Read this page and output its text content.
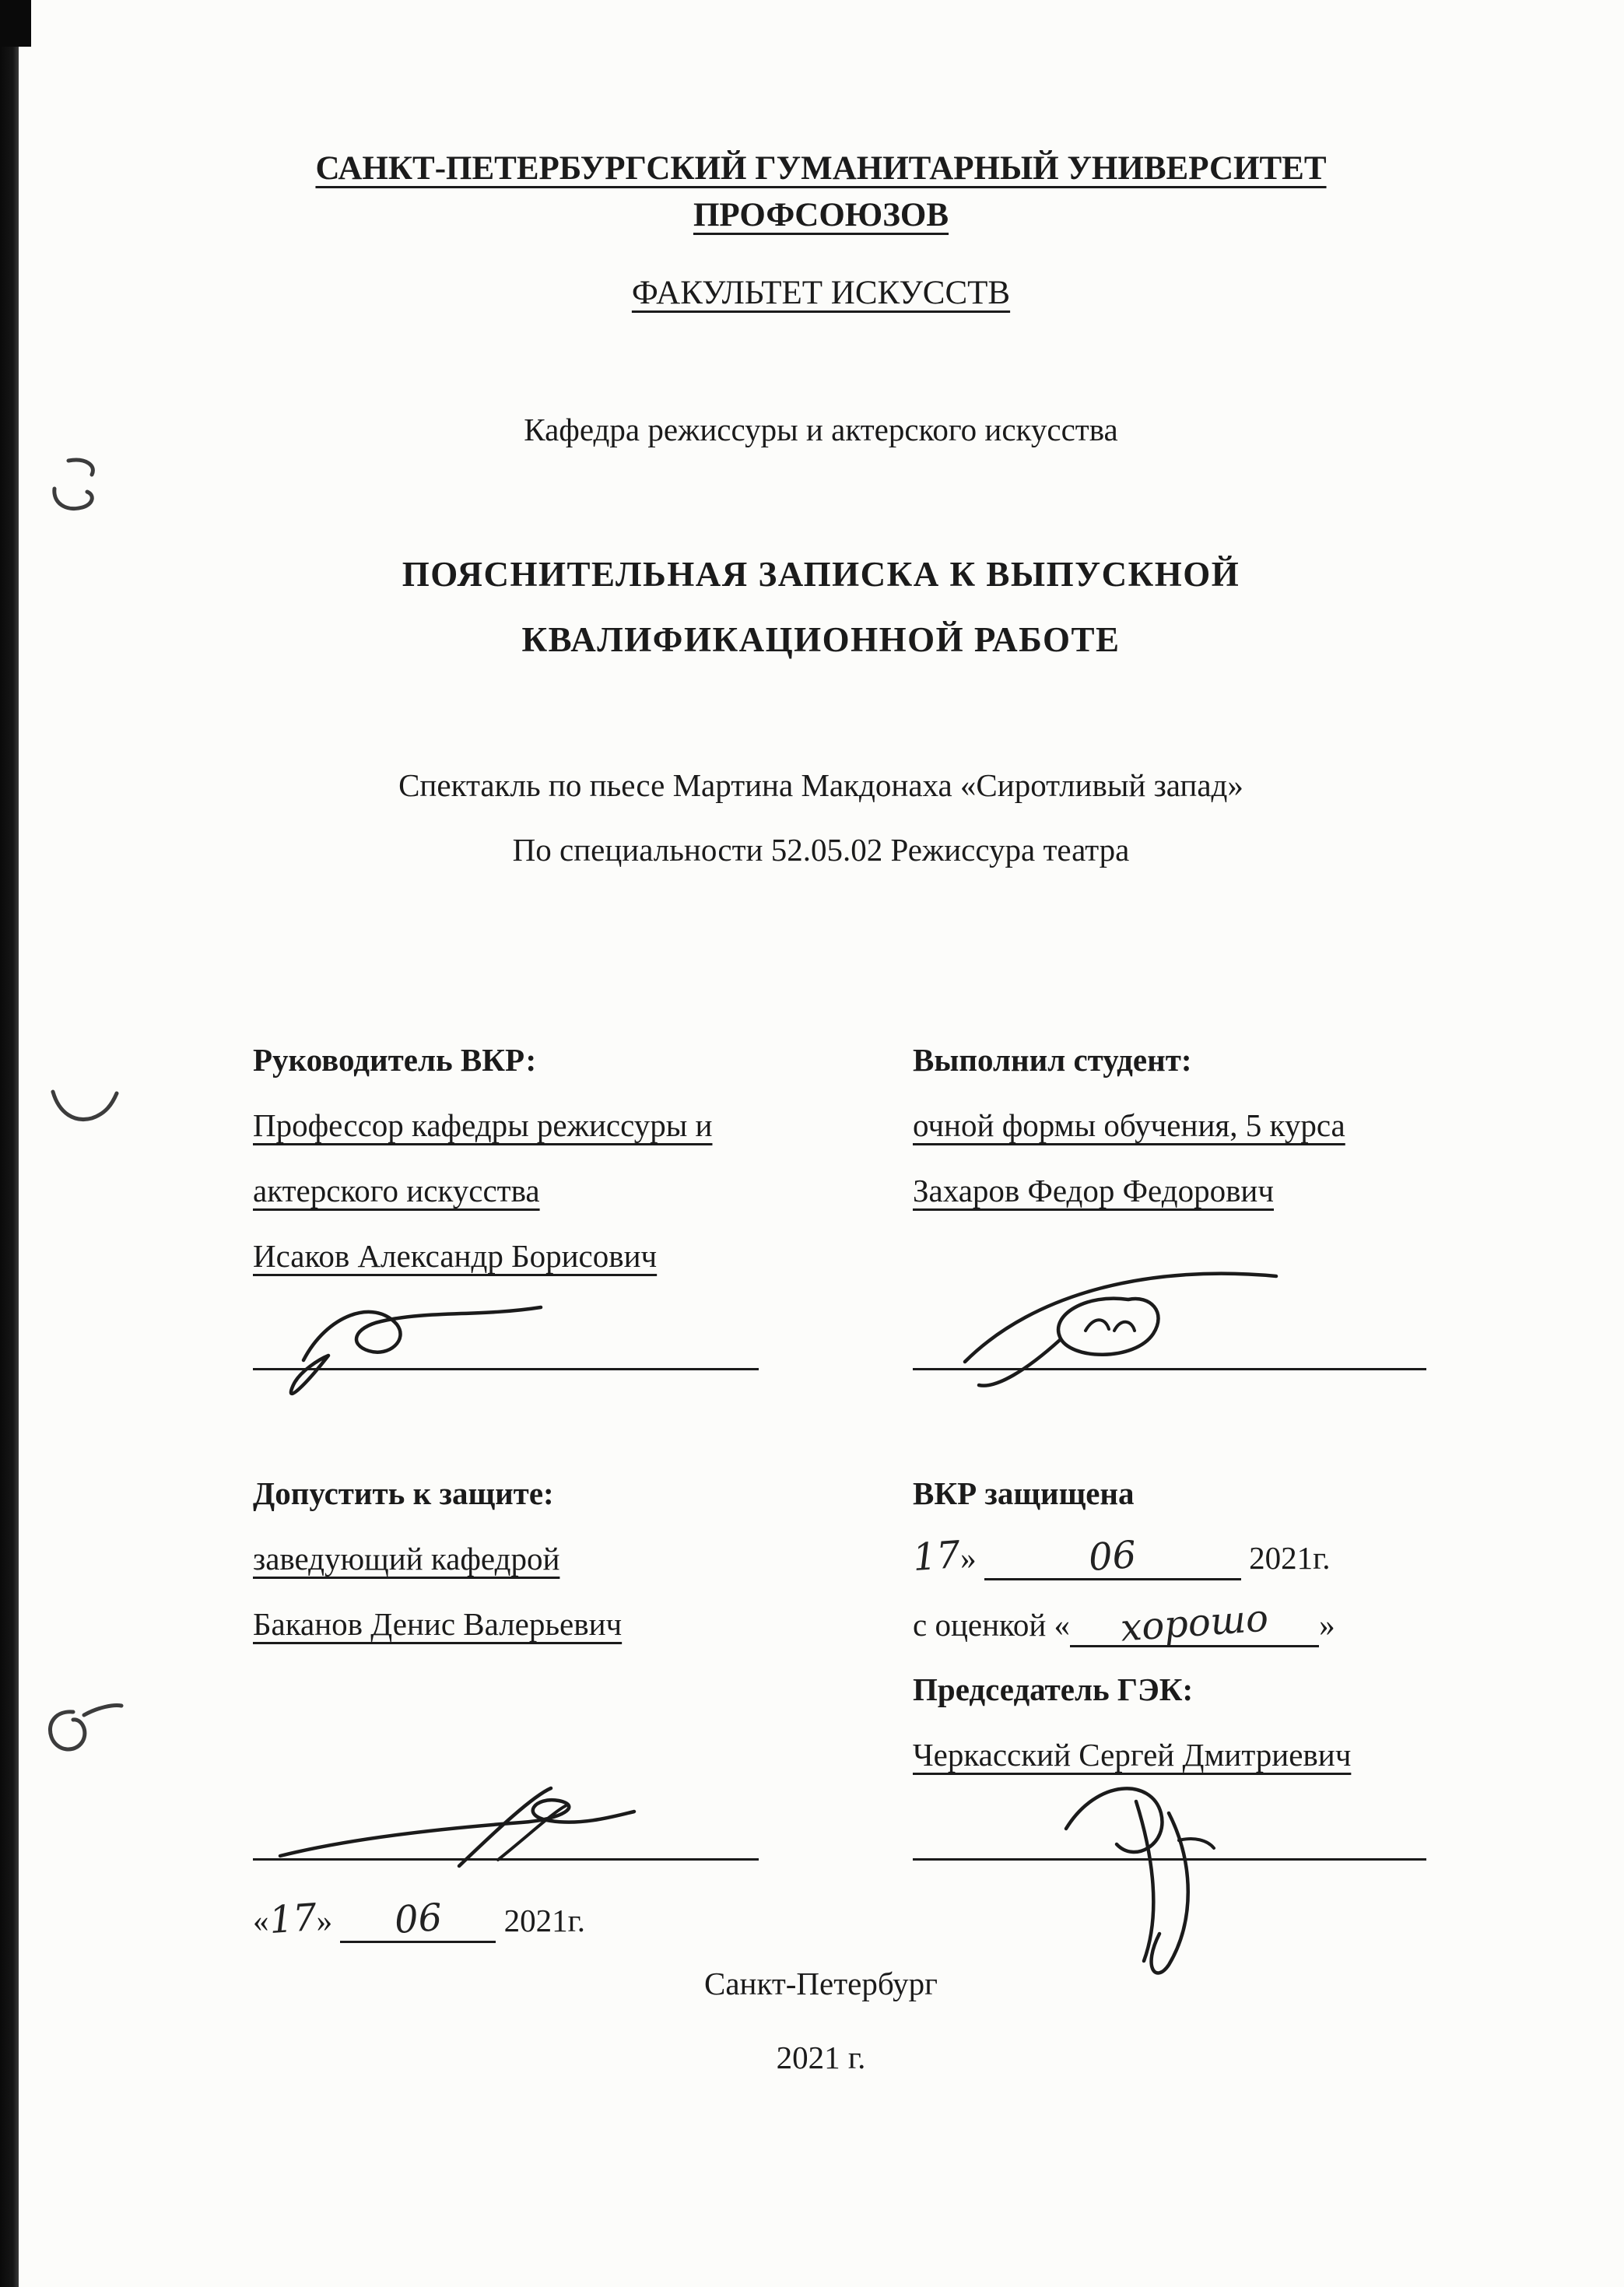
САНКТ-ПЕТЕРБУРГСКИЙ ГУМАНИТАРНЫЙ УНИВЕРСИТЕТ
ПРОФСОЮЗОВ
ФАКУЛЬТЕТ ИСКУССТВ
Кафедра режиссуры и актерского искусства
ПОЯСНИТЕЛЬНАЯ ЗАПИСКА К ВЫПУСКНОЙ
КВАЛИФИКАЦИОННОЙ РАБОТЕ
Спектакль по пьесе Мартина Макдонаха «Сиротливый запад»
По специальности 52.05.02 Режиссура театра
Руководитель ВКР:
Профессор кафедры режиссуры и
актерского искусства
Исаков Александр Борисович
Выполнил студент:
очной формы обучения, 5 курса
Захаров Федор Федорович
Допустить к защите:
заведующий кафедрой
Баканов Денис Валерьевич
ВКР защищена
17»	06	2021г.
с оценкой « хорошо »
Председатель ГЭК:
Черкасский Сергей Дмитриевич
«17» 06 2021г.
Санкт-Петербург
2021 г.
